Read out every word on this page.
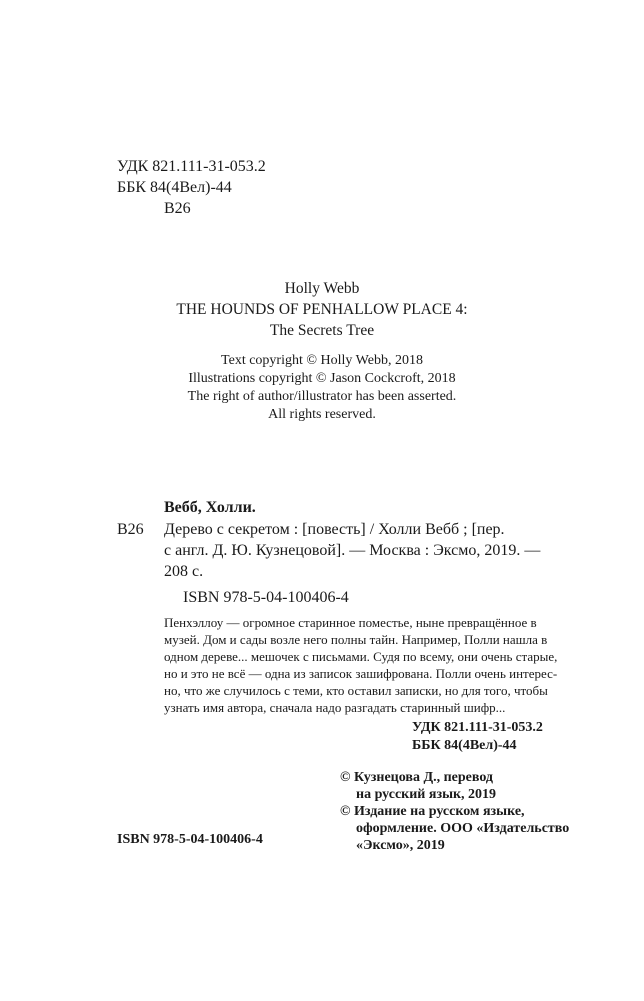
УДК 821.111-31-053.2
ББК 84(4Вел)-44
В26
Holly Webb
THE HOUNDS OF PENHALLOW PLACE 4:
The Secrets Tree
Text copyright © Holly Webb, 2018
Illustrations copyright © Jason Cockcroft, 2018
The right of author/illustrator has been asserted.
All rights reserved.
Вебб, Холли.
В26 Дерево с секретом : [повесть] / Холли Вебб ; [пер.
с англ. Д. Ю. Кузнецовой]. — Москва : Эксмо, 2019. —
208 с.
ISBN 978-5-04-100406-4
Пенхэллоу — огромное старинное поместье, ныне превращённое в
музей. Дом и сады возле него полны тайн. Например, Полли нашла в
одном дереве... мешочек с письмами. Судя по всему, они очень старые,
но и это не всё — одна из записок зашифрована. Полли очень интерес-
но, что же случилось с теми, кто оставил записки, но для того, чтобы
узнать имя автора, сначала надо разгадать старинный шифр...
УДК 821.111-31-053.2
ББК 84(4Вел)-44
© Кузнецова Д., перевод
на русский язык, 2019
© Издание на русском языке,
оформление. ООО «Издательство
«Эксмо», 2019
ISBN 978-5-04-100406-4
